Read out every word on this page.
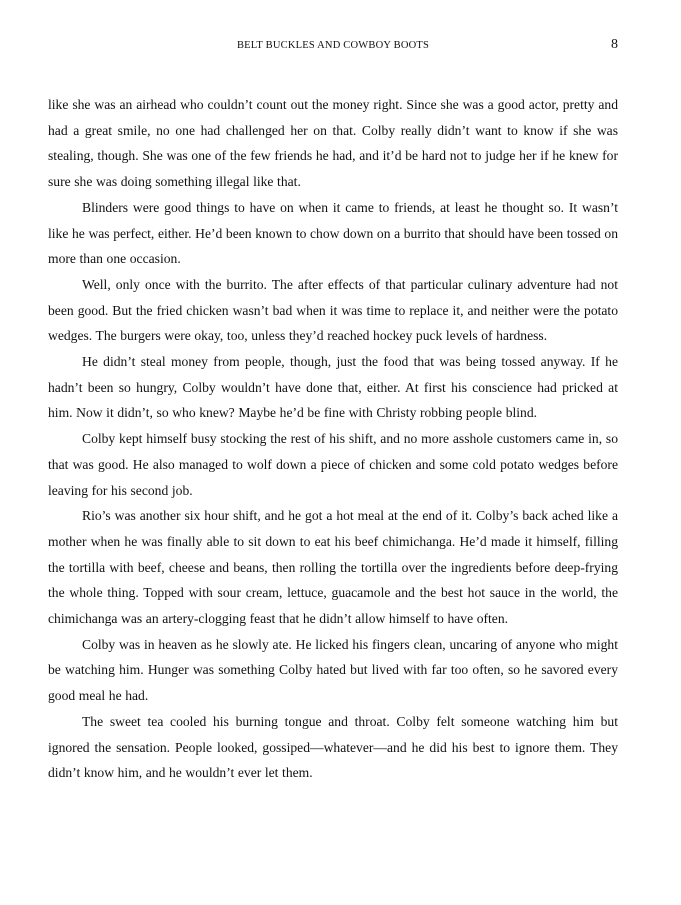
BELT BUCKLES AND COWBOY BOOTS	8

like she was an airhead who couldn’t count out the money right. Since she was a good actor, pretty and had a great smile, no one had challenged her on that. Colby really didn’t want to know if she was stealing, though. She was one of the few friends he had, and it’d be hard not to judge her if he knew for sure she was doing something illegal like that.

Blinders were good things to have on when it came to friends, at least he thought so. It wasn’t like he was perfect, either. He’d been known to chow down on a burrito that should have been tossed on more than one occasion.

Well, only once with the burrito. The after effects of that particular culinary adventure had not been good. But the fried chicken wasn’t bad when it was time to replace it, and neither were the potato wedges. The burgers were okay, too, unless they’d reached hockey puck levels of hardness.

He didn’t steal money from people, though, just the food that was being tossed anyway. If he hadn’t been so hungry, Colby wouldn’t have done that, either. At first his conscience had pricked at him. Now it didn’t, so who knew? Maybe he’d be fine with Christy robbing people blind.

Colby kept himself busy stocking the rest of his shift, and no more asshole customers came in, so that was good. He also managed to wolf down a piece of chicken and some cold potato wedges before leaving for his second job.

Rio’s was another six hour shift, and he got a hot meal at the end of it. Colby’s back ached like a mother when he was finally able to sit down to eat his beef chimichanga. He’d made it himself, filling the tortilla with beef, cheese and beans, then rolling the tortilla over the ingredients before deep-frying the whole thing. Topped with sour cream, lettuce, guacamole and the best hot sauce in the world, the chimichanga was an artery-clogging feast that he didn’t allow himself to have often.

Colby was in heaven as he slowly ate. He licked his fingers clean, uncaring of anyone who might be watching him. Hunger was something Colby hated but lived with far too often, so he savored every good meal he had.

The sweet tea cooled his burning tongue and throat. Colby felt someone watching him but ignored the sensation. People looked, gossiped—whatever—and he did his best to ignore them. They didn’t know him, and he wouldn’t ever let them.
